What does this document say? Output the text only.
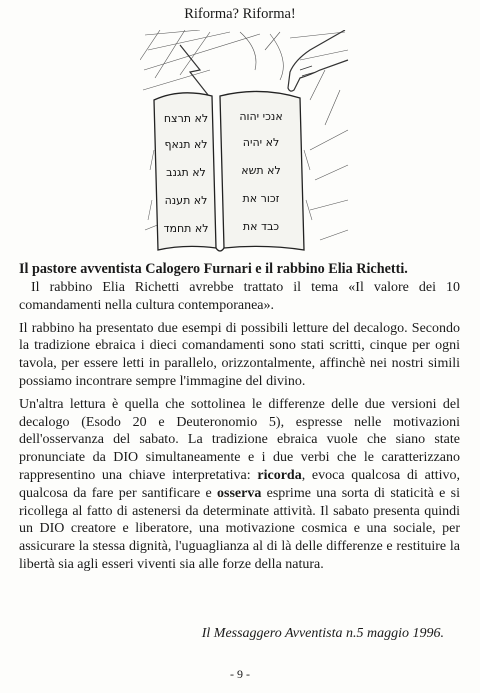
Riforma? Riforma!
לא תרצח
לא תנאף
לא תגנב
לא תענה
לא תחמד
אנכי יהוה
לא יהיה
לא תשא
זכור את
כבד את
Il pastore avventista Calogero Furnari e il rabbino Elia Richetti.

Il rabbino Elia Richetti avrebbe trattato il tema «Il valore dei 10 comandamenti nella cultura contemporanea».

Il rabbino ha presentato due esempi di possibili letture del decalogo. Secondo la tradizione ebraica i dieci comandamenti sono stati scritti, cinque per ogni tavola, per essere letti in parallelo, orizzontalmente, affinchè nei nostri simili possiamo incontrare sempre l'immagine del divino.

Un'altra lettura è quella che sottolinea le differenze delle due versioni del decalogo (Esodo 20 e Deuteronomio 5), espresse nelle motivazioni dell'osservanza del sabato. La tradizione ebraica vuole che siano state pronunciate da DIO simultaneamente e i due verbi che le caratterizzano rappresentino una chiave interpretativa: ricorda, evoca qualcosa di attivo, qualcosa da fare per santificare e osserva esprime una sorta di staticità e si ricollega al fatto di astenersi da determinate attività. Il sabato presenta quindi un DIO creatore e liberatore, una motivazione cosmica e una sociale, per assicurare la stessa dignità, l'uguaglianza al di là delle differenze e restituire la libertà sia agli esseri viventi sia alle forze della natura.

Il Messaggero Avventista n.5 maggio 1996.
- 9 -
